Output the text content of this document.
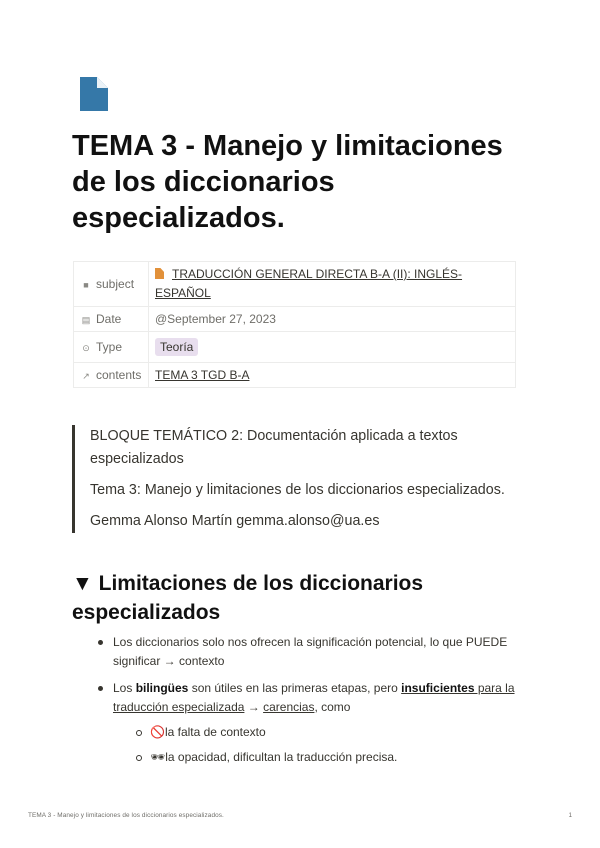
TEMA 3 - Manejo y limitaciones de los diccionarios especializados.
■ subject	TRADUCCIÓN GENERAL DIRECTA B-A (II): INGLÉS-ESPAÑOL
▤ Date	@September 27, 2023
⊙ Type	Teoría
↗ contents	TEMA 3 TGD B-A

BLOQUE TEMÁTICO 2: Documentación aplicada a textos especializados

Tema 3: Manejo y limitaciones de los diccionarios especializados.

Gemma Alonso Martín gemma.alonso@ua.es

▼ Limitaciones de los diccionarios especializados
Los diccionarios solo nos ofrecen la significación potencial, lo que PUEDE significar → contexto
Los bilingües son útiles en las primeras etapas, pero insuficientes para la traducción especializada → carencias, como
🚫la falta de contexto
🕶la opacidad, dificultan la traducción precisa.
TEMA 3 - Manejo y limitaciones de los diccionarios especializados.	1
